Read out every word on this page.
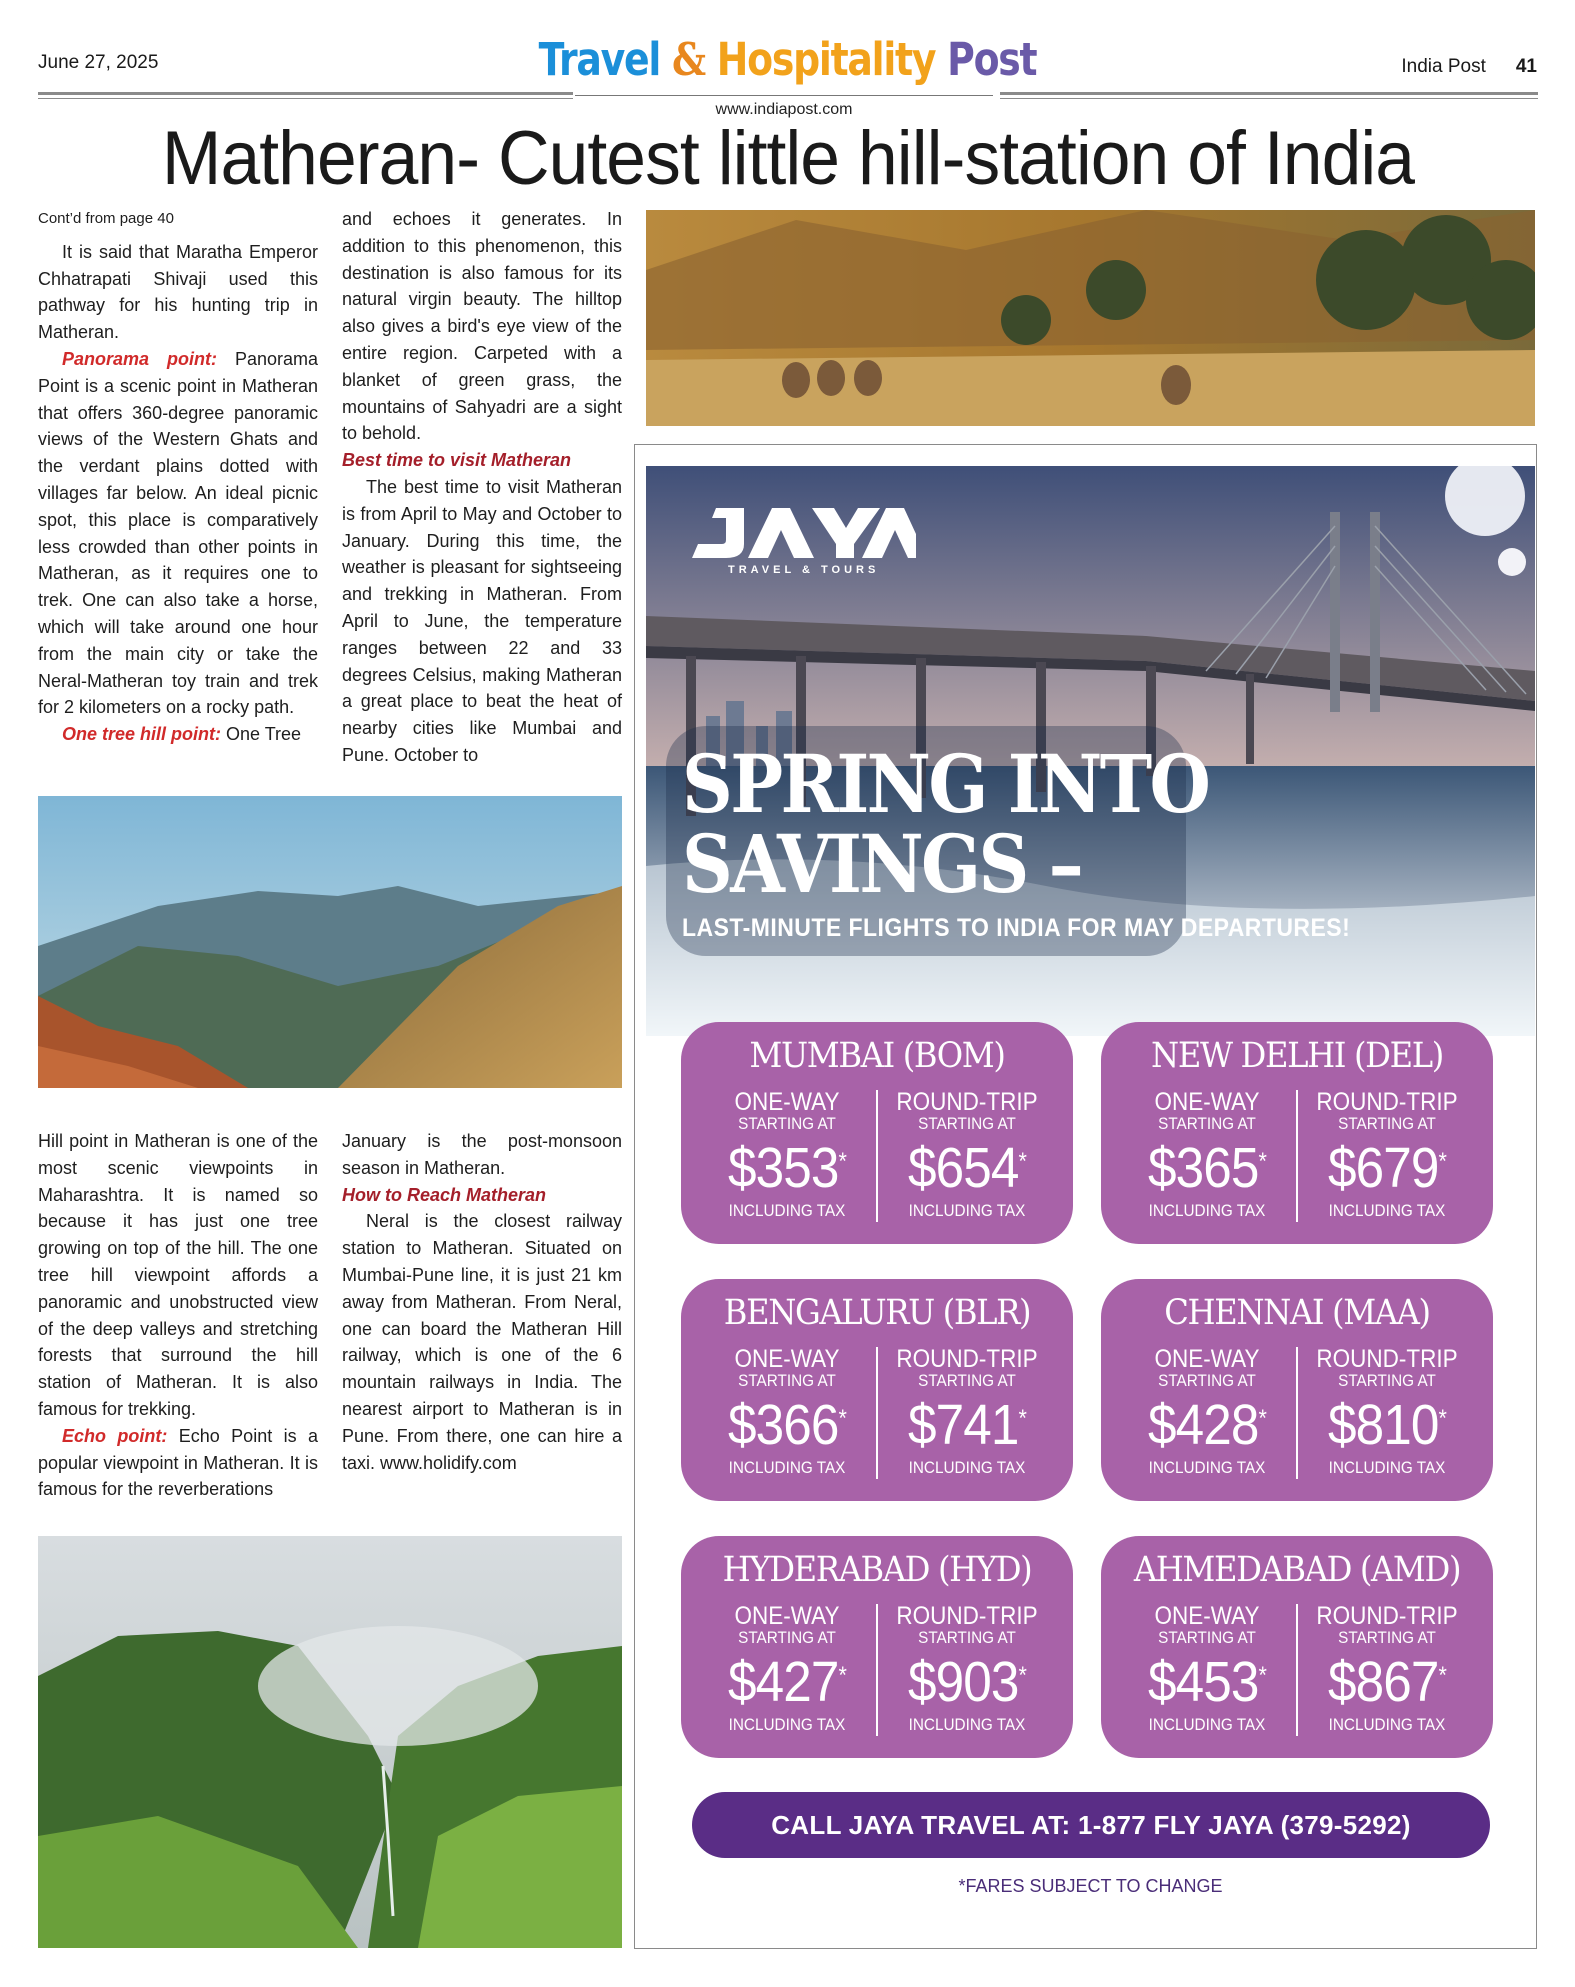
June 27, 2025	Travel & Hospitality Post	India Post 41
www.indiapost.com
Matheran- Cutest little hill-station of India

Cont’d from page 40

It is said that Maratha Emperor Chhatrapati Shivaji used this pathway for his hunting trip in Matheran.

Panorama point: Panorama Point is a scenic point in Matheran that offers 360-degree panoramic views of the Western Ghats and the verdant plains dotted with villages far below. An ideal picnic spot, this place is comparatively less crowded than other points in Matheran, as it requires one to trek. One can also take a horse, which will take around one hour from the main city or take the Neral-Matheran toy train and trek for 2 kilometers on a rocky path.

One tree hill point: One Tree

and echoes it generates. In addition to this phenomenon, this destination is also famous for its natural virgin beauty. The hilltop also gives a bird's eye view of the entire region. Carpeted with a blanket of green grass, the mountains of Sahyadri are a sight to behold.

Best time to visit Matheran

The best time to visit Matheran is from April to May and October to January. During this time, the weather is pleasant for sightseeing and trekking in Matheran. From April to June, the temperature ranges between 22 and 33 degrees Celsius, making Matheran a great place to beat the heat of nearby cities like Mumbai and Pune. October to

Hill point in Matheran is one of the most scenic viewpoints in Maharashtra. It is named so because it has just one tree growing on top of the hill. The one tree hill viewpoint affords a panoramic and unobstructed view of the deep valleys and stretching forests that surround the hill station of Matheran. It is also famous for trekking.

Echo point: Echo Point is a popular viewpoint in Matheran. It is famous for the reverberations

January is the post-monsoon season in Matheran.

How to Reach Matheran

Neral is the closest railway station to Matheran. Situated on Mumbai-Pune line, it is just 21 km away from Matheran. From Neral, one can board the Matheran Hill railway, which is one of the 6 mountain railways in India. The nearest airport to Matheran is in Pune. From there, one can hire a taxi. www.holidify.com

TRAVEL & TOURS
SPRING INTO
SAVINGS –
LAST-MINUTE FLIGHTS TO INDIA FOR MAY DEPARTURES!
MUMBAI (BOM)
ONE-WAY
STARTING AT
$353*
INCLUDING TAX
ROUND-TRIP
STARTING AT
$654*
INCLUDING TAX
NEW DELHI (DEL)
ONE-WAY
STARTING AT
$365*
INCLUDING TAX
ROUND-TRIP
STARTING AT
$679*
INCLUDING TAX
BENGALURU (BLR)
ONE-WAY
STARTING AT
$366*
INCLUDING TAX
ROUND-TRIP
STARTING AT
$741*
INCLUDING TAX
CHENNAI (MAA)
ONE-WAY
STARTING AT
$428*
INCLUDING TAX
ROUND-TRIP
STARTING AT
$810*
INCLUDING TAX
HYDERABAD (HYD)
ONE-WAY
STARTING AT
$427*
INCLUDING TAX
ROUND-TRIP
STARTING AT
$903*
INCLUDING TAX
AHMEDABAD (AMD)
ONE-WAY
STARTING AT
$453*
INCLUDING TAX
ROUND-TRIP
STARTING AT
$867*
INCLUDING TAX
CALL JAYA TRAVEL AT: 1-877 FLY JAYA (379-5292)
*FARES SUBJECT TO CHANGE
